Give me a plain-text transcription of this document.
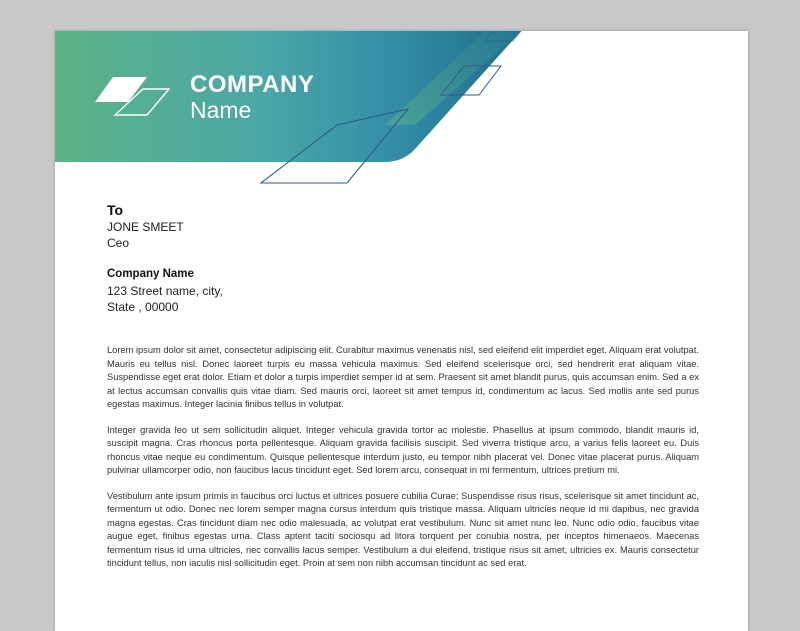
COMPANY
Name
To
JONE SMEET
Ceo
Company Name
123 Street name, city,
State , 00000

Lorem ipsum dolor sit amet, consectetur adipiscing elit. Curabitur maximus venenatis nisl, sed eleifend elit imperdiet eget. Aliquam erat volutpat. Mauris eu tellus nisl. Donec laoreet turpis eu massa vehicula maximus. Sed eleifend scelerisque orci, sed hendrerit erat aliquam vitae. Suspendisse eget erat dolor. Etiam et dolor a turpis imperdiet semper id at sem. Praesent sit amet blandit purus, quis accumsan enim. Sed a ex at lectus accumsan convallis quis vitae diam. Sed mauris orci, laoreet sit amet tempus id, condimentum ac lacus. Sed mollis ante sed purus egestas maximus. Integer lacinia finibus tellus in volutpat.

Integer gravida leo ut sem sollicitudin aliquet. Integer vehicula gravida tortor ac molestie. Phasellus at ipsum commodo, blandit mauris id, suscipit magna. Cras rhoncus porta pellentesque. Aliquam gravida facilisis suscipit. Sed viverra tristique arcu, a varius felis laoreet eu. Duis rhoncus vitae neque eu condimentum. Quisque pellentesque interdum justo, eu tempor nibh placerat vel. Donec vitae placerat purus. Aliquam pulvinar ullamcorper odio, non faucibus lacus tincidunt eget. Sed lorem arcu, consequat in mi fermentum, ultrices pretium mi.

Vestibulum ante ipsum primis in faucibus orci luctus et ultrices posuere cubilia Curae; Suspendisse risus risus, scelerisque sit amet tincidunt ac, fermentum ut odio. Donec nec lorem semper magna cursus interdum quis tristique massa. Aliquam ultricies neque id mi dapibus, nec gravida magna egestas. Cras tincidunt diam nec odio malesuada, ac volutpat erat vestibulum. Nunc sit amet nunc leo. Nunc odio odio, faucibus vitae augue eget, finibus egestas urna. Class aptent taciti sociosqu ad litora torquent per conubia nostra, per inceptos himenaeos. Maecenas fermentum risus id urna ultricies, nec convallis lacus semper. Vestibulum a dui eleifend, tristique risus sit amet, ultricies ex. Mauris consectetur tincidunt tellus, non iaculis nisl sollicitudin eget. Proin at sem non nibh accumsan tincidunt ac sed erat.
